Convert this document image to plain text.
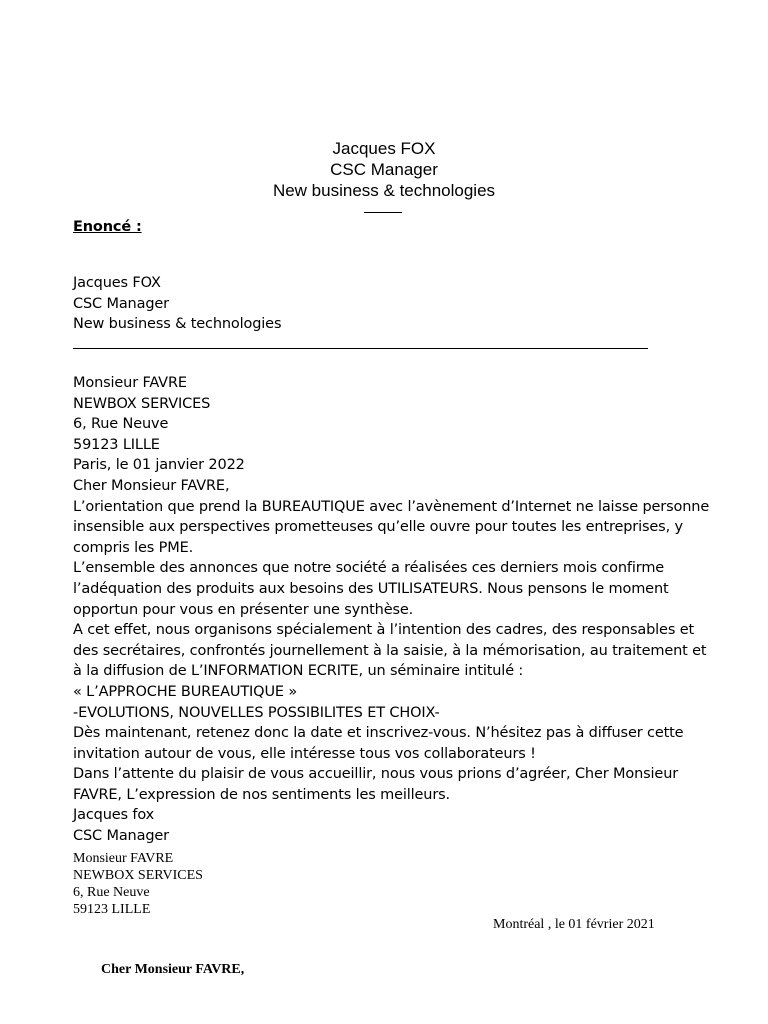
Jacques FOX
CSC Manager
New business & technologies
Enoncé :
Jacques FOX
CSC Manager
New business & technologies
Monsieur FAVRE
NEWBOX SERVICES
6, Rue Neuve
59123 LILLE
Paris, le 01 janvier 2022
Cher Monsieur FAVRE,
L’orientation que prend la BUREAUTIQUE avec l’avènement d’Internet ne laisse personne insensible aux perspectives prometteuses qu’elle ouvre pour toutes les entreprises, y compris les PME.
L’ensemble des annonces que notre société a réalisées ces derniers mois confirme l’adéquation des produits aux besoins des UTILISATEURS. Nous pensons le moment opportun pour vous en présenter une synthèse.
A cet effet, nous organisons spécialement à l’intention des cadres, des responsables et des secrétaires, confrontés journellement à la saisie, à la mémorisation, au traitement et à la diffusion de L’INFORMATION ECRITE, un séminaire intitulé :
« L’APPROCHE BUREAUTIQUE »
-EVOLUTIONS, NOUVELLES POSSIBILITES ET CHOIX-
Dès maintenant, retenez donc la date et inscrivez-vous. N’hésitez pas à diffuser cette invitation autour de vous, elle intéresse tous vos collaborateurs !
Dans l’attente du plaisir de vous accueillir, nous vous prions d’agréer, Cher Monsieur FAVRE, L’expression de nos sentiments les meilleurs.
Jacques fox
CSC Manager
Monsieur FAVRE
NEWBOX SERVICES
6, Rue Neuve
59123 LILLE
Montréal , le 01 février 2021
Cher Monsieur FAVRE,
